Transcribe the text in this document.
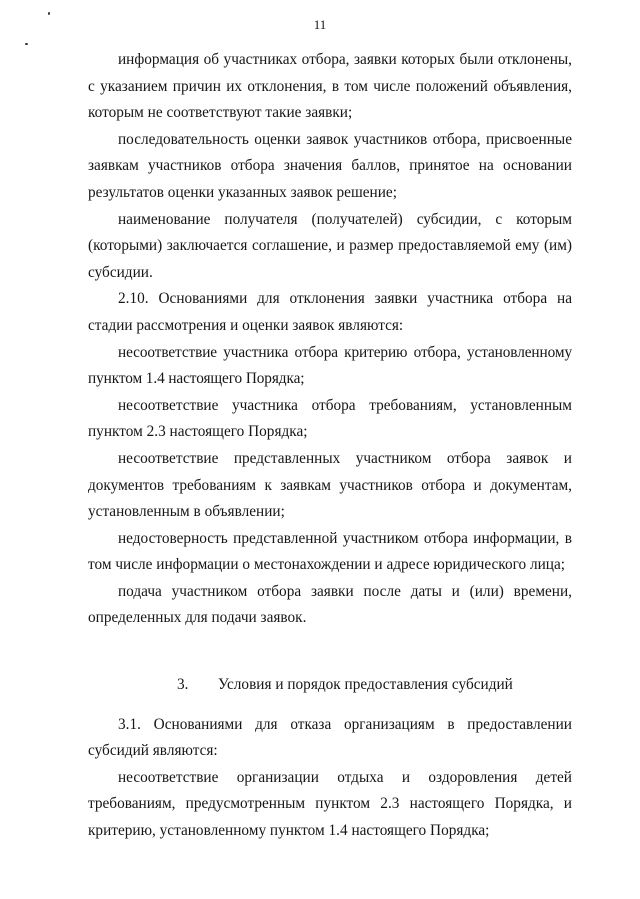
11

информация об участниках отбора, заявки которых были отклонены, с указанием причин их отклонения, в том числе положений объявления, которым не соответствуют такие заявки;

последовательность оценки заявок участников отбора, присвоенные заявкам участников отбора значения баллов, принятое на основании результатов оценки указанных заявок решение;

наименование получателя (получателей) субсидии, с которым (которыми) заключается соглашение, и размер предоставляемой ему (им) субсидии.

2.10. Основаниями для отклонения заявки участника отбора на стадии рассмотрения и оценки заявок являются:

несоответствие участника отбора критерию отбора, установленному пунктом 1.4 настоящего Порядка;

несоответствие участника отбора требованиям, установленным пунктом 2.3 настоящего Порядка;

несоответствие представленных участником отбора заявок и документов требованиям к заявкам участников отбора и документам, установленным в объявлении;

недостоверность представленной участником отбора информации, в том числе информации о местонахождении и адресе юридического лица;

подача участником отбора заявки после даты и (или) времени, определенных для подачи заявок.

3. Условия и порядок предоставления субсидий

3.1. Основаниями для отказа организациям в предоставлении субсидий являются:

несоответствие организации отдыха и оздоровления детей требованиям, предусмотренным пунктом 2.3 настоящего Порядка, и критерию, установленному пунктом 1.4 настоящего Порядка;
